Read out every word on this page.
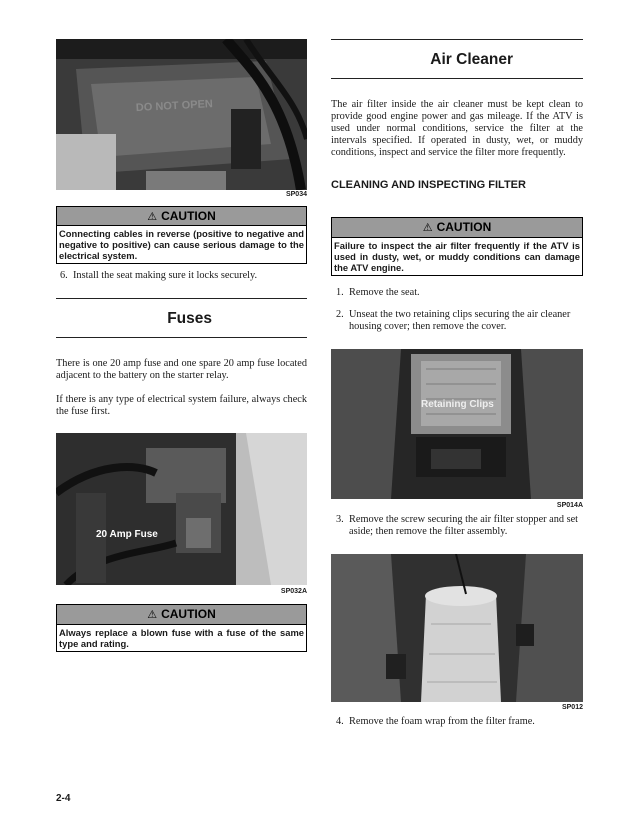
DO NOT OPEN
SP034
⚠ CAUTION
Connecting cables in reverse (positive to negative and negative to positive) can cause serious damage to the electrical system.
6. Install the seat making sure it locks securely.
Fuses
There is one 20 amp fuse and one spare 20 amp fuse located adjacent to the battery on the starter relay.
If there is any type of electrical system failure, always check the fuse first.
20 Amp Fuse
SP032A
⚠ CAUTION
Always replace a blown fuse with a fuse of the same type and rating.
2-4
Air Cleaner
The air filter inside the air cleaner must be kept clean to provide good engine power and gas mileage. If the ATV is used under normal conditions, service the filter at the intervals specified. If operated in dusty, wet, or muddy conditions, inspect and service the filter more frequently.
CLEANING AND INSPECTING FILTER
⚠ CAUTION
Failure to inspect the air filter frequently if the ATV is used in dusty, wet, or muddy conditions can damage the ATV engine.
1. Remove the seat.
2. Unseat the two retaining clips securing the air cleaner housing cover; then remove the cover.
Retaining Clips
SP014A
3. Remove the screw securing the air filter stopper and set aside; then remove the filter assembly.
SP012
4. Remove the foam wrap from the filter frame.
